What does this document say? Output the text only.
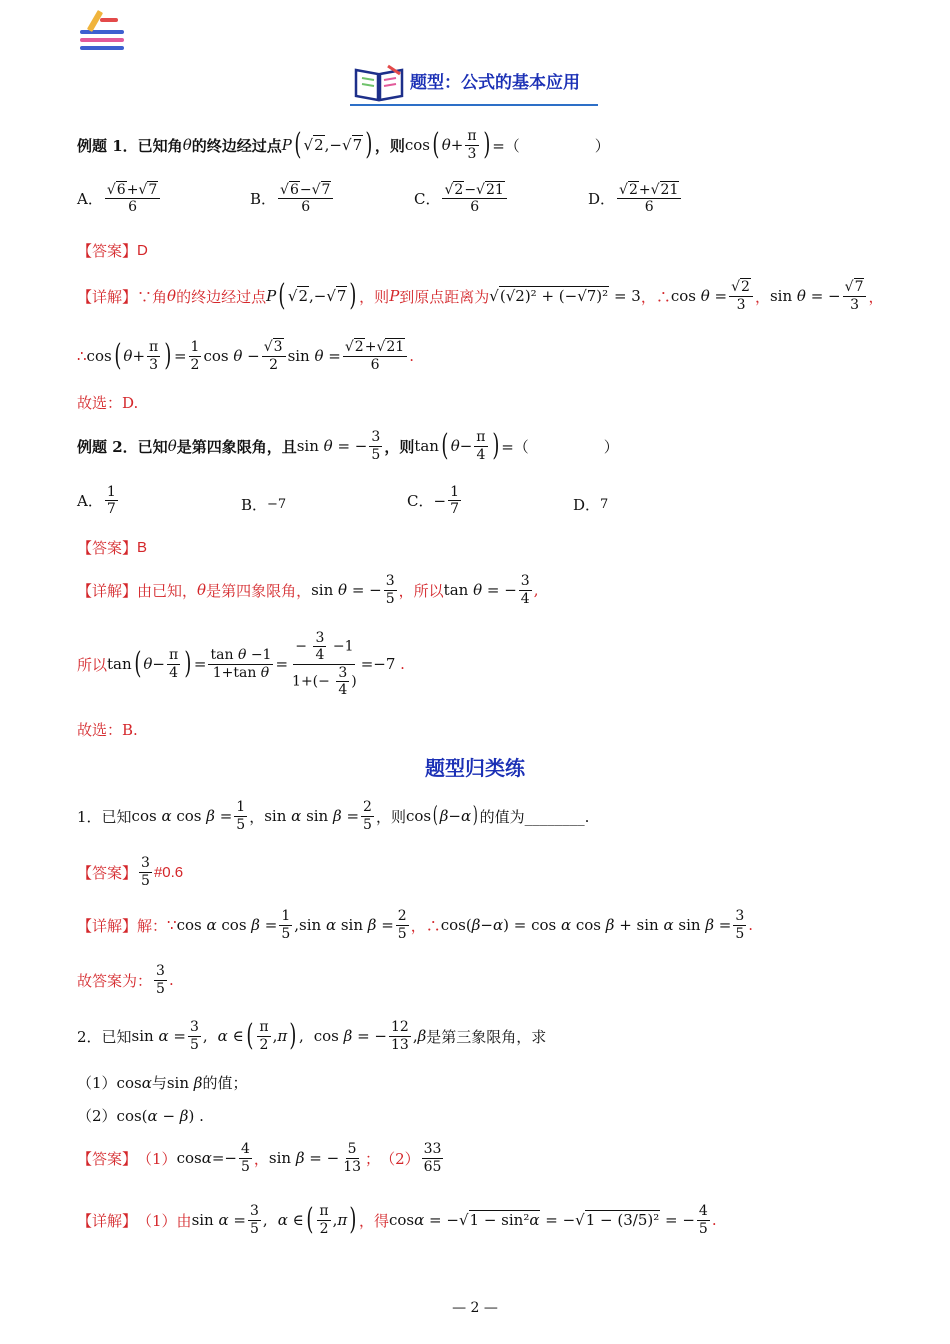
题型：公式的基本应用
例题 1． 已知角 θ 的终边经过点 P ( √2,−√7 ) ，则 cos ( $\theta + \frac{\pi}{3}$ ) =（　　　　　）
A． $\frac{√6+√7}{6}$	B． $\frac{√6-√7}{6}$	C． $\frac{√2-√21}{6}$	D． $\frac{√2+√21}{6}$
【答案】 D
【详解】 ∵角 θ 的终边经过点 P ( √2,−√7 ) ，则 P 到原点距离为 √(√2)² + (−√7)² = 3 ，∴ $\cos \theta = \frac{√2}{3}$ ， sin θ = − $\frac{√7}{3}$ ，
∴ cos ( $\theta + \frac{\pi}{3}$ ) = $\frac{1}{2}$ $\cos \theta - \frac{√3}{2}$ $\sin \theta = \frac{√2+√21}{6}$ .
故选：D.
例题 2． 已知 θ 是第四象限角，且 sin θ = − $\frac{3}{5}$ ，则 tan ( $\theta - \frac{\pi}{4}$ ) =（　　　　　）
A． $\frac{1}{7}$	B． −7	C． − $\frac{1}{7}$	D． 7
【答案】 B
【详解】 由已知， θ 是第四象限角， sin θ = − $\frac{3}{5}$ ，所以 tan θ = − $\frac{3}{4}$ ,
所以 tan ( $\theta - \frac{\pi}{4}$ ) = $\frac{\text{tan θ −1}}{\text{1+tan θ}} = \frac{- \frac{3}{4} -1}{1+(- \frac{3}{4} )} =-7$ .
故选：B.
题型归类练
1．已知 cos α $\cos \beta = \frac{1}{5}$ ， sin α $\sin \beta = \frac{2}{5}$ ，则 cos ( β − α ) 的值为________.
【答案】 $\frac{3}{5}$ #0.6
【详解】 解： ∵ cos α $\cos \beta = \frac{1}{5} ,\sin$ α $\sin \beta = \frac{2}{5}$ ，∴ cos(β−α) = cos α cos β + sin α $\sin \beta = \frac{3}{5}$ .
故答案为： $\frac{3}{5}$ .
2．已知 $\sin \alpha = \frac{3}{5}$ , α ∈ ( $\frac{\pi}{2} ,\pi$ ) , cos β = − $\frac{12}{13} ,\beta$ 是第三象限角，求
（1） cosα 与 sin β 的值；
（2） cos(α − β) .
【答案】 （1） $\cos\alpha=- \frac{4}{5}$ ， sin β = − $\frac{5}{13}$ ； $(2) \frac{33}{65}$
【详解】 （1）由 $\sin \alpha = \frac{3}{5}$ , α ∈ ( $\frac{\pi}{2} ,\pi$ ) ，得 cosα = −√1 − sin²α = −√1 − (3/5)² = − $\frac{4}{5}$ .
— 2 —
